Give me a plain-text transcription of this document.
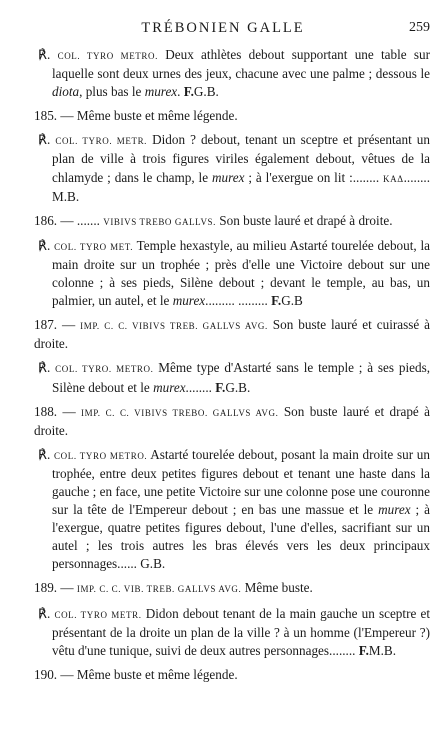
TRÉBONIEN GALLE	259
℟. COL. TYRO METRO. Deux athlètes debout supportant une table sur laquelle sont deux urnes des jeux, chacune avec une palme ; dessous le diota, plus bas le murex. F.G.B.
185. — Même buste et même légende.
℟. COL. TYRO. METR. Didon ? debout, tenant un sceptre et présentant un plan de ville à trois figures viriles également debout, vêtues de la chlamyde ; dans le champ, le murex ; à l'exergue on lit :........ ΚΑΔ........ M.B.
186. — ....... VIBIVS TREBO GALLVS. Son buste lauré et drapé à droite.
℟. COL. TYRO MET. Temple hexastyle, au milieu Astarté tourelée debout, la main droite sur un trophée ; près d'elle une Victoire debout sur une colonne ; à ses pieds, Silène debout ; devant le temple, au bas, un palmier, un autel, et le murex......... ......... F.G.B
187. — IMP. C. C. VIBIVS TREB. GALLVS AVG. Son buste lauré et cuirassé à droite.
℟. COL. TYRO. METRO. Même type d'Astarté sans le temple ; à ses pieds, Silène debout et le murex........ F.G.B.
188. — IMP. C. C. VIBIVS TREBO. GALLVS AVG. Son buste lauré et drapé à droite.
℟. COL. TYRO METRO. Astarté tourelée debout, posant la main droite sur un trophée, entre deux petites figures debout et tenant une haste dans la gauche ; en face, une petite Victoire sur une colonne pose une couronne sur la tête de l'Empereur debout ; en bas une massue et le murex ; à l'exergue, quatre petites figures debout, l'une d'elles, sacrifiant sur un autel ; les trois autres les bras élevés vers les deux principaux personnages...... G.B.
189. — IMP. C. C. VIB. TREB. GALLVS AVG. Même buste.
℟. COL. TYRO METR. Didon debout tenant de la main gauche un sceptre et présentant de la droite un plan de la ville ? à un homme (l'Empereur ?) vêtu d'une tunique, suivi de deux autres personnages........ F.M.B.
190. — Même buste et même légende.
